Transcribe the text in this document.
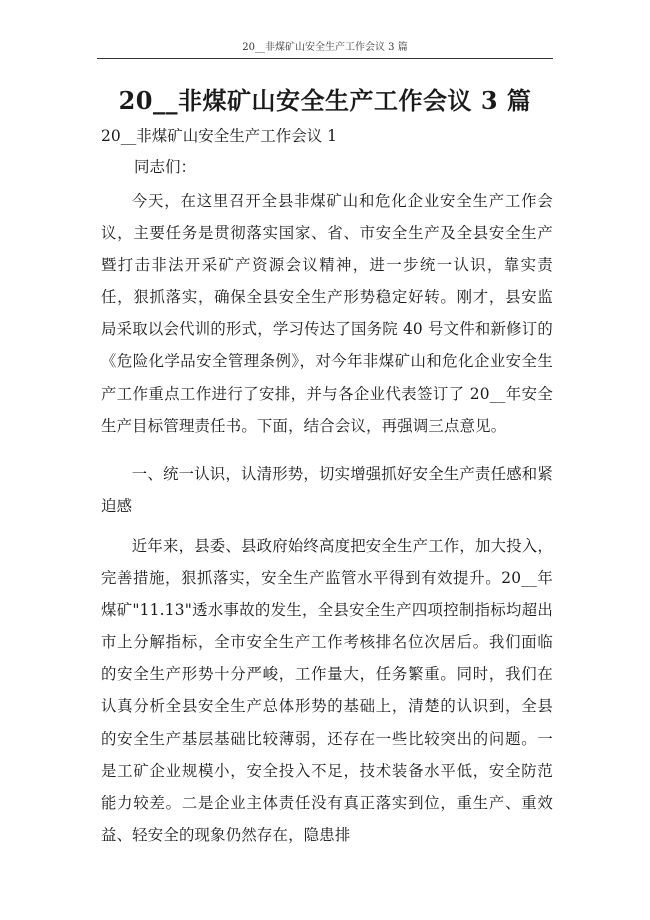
20__非煤矿山安全生产工作会议 3 篇
20__非煤矿山安全生产工作会议 3 篇
20__非煤矿山安全生产工作会议 1
同志们：
今天，在这里召开全县非煤矿山和危化企业安全生产工作会议，主要任务是贯彻落实国家、省、市安全生产及全县安全生产暨打击非法开采矿产资源会议精神，进一步统一认识，靠实责任，狠抓落实，确保全县安全生产形势稳定好转。刚才，县安监局采取以会代训的形式，学习传达了国务院 40 号文件和新修订的《危险化学品安全管理条例》，对今年非煤矿山和危化企业安全生产工作重点工作进行了安排，并与各企业代表签订了 20__年安全生产目标管理责任书。下面，结合会议，再强调三点意见。
一、统一认识，认清形势，切实增强抓好安全生产责任感和紧迫感
近年来，县委、县政府始终高度把安全生产工作，加大投入，完善措施，狠抓落实，安全生产监管水平得到有效提升。20__年煤矿"11.13"透水事故的发生，全县安全生产四项控制指标均超出市上分解指标，全市安全生产工作考核排名位次居后。我们面临的安全生产形势十分严峻，工作量大，任务繁重。同时，我们在认真分析全县安全生产总体形势的基础上，清楚的认识到，全县的安全生产基层基础比较薄弱，还存在一些比较突出的问题。一是工矿企业规模小，安全投入不足，技术装备水平低，安全防范能力较差。二是企业主体责任没有真正落实到位，重生产、重效益、轻安全的现象仍然存在，隐患排
